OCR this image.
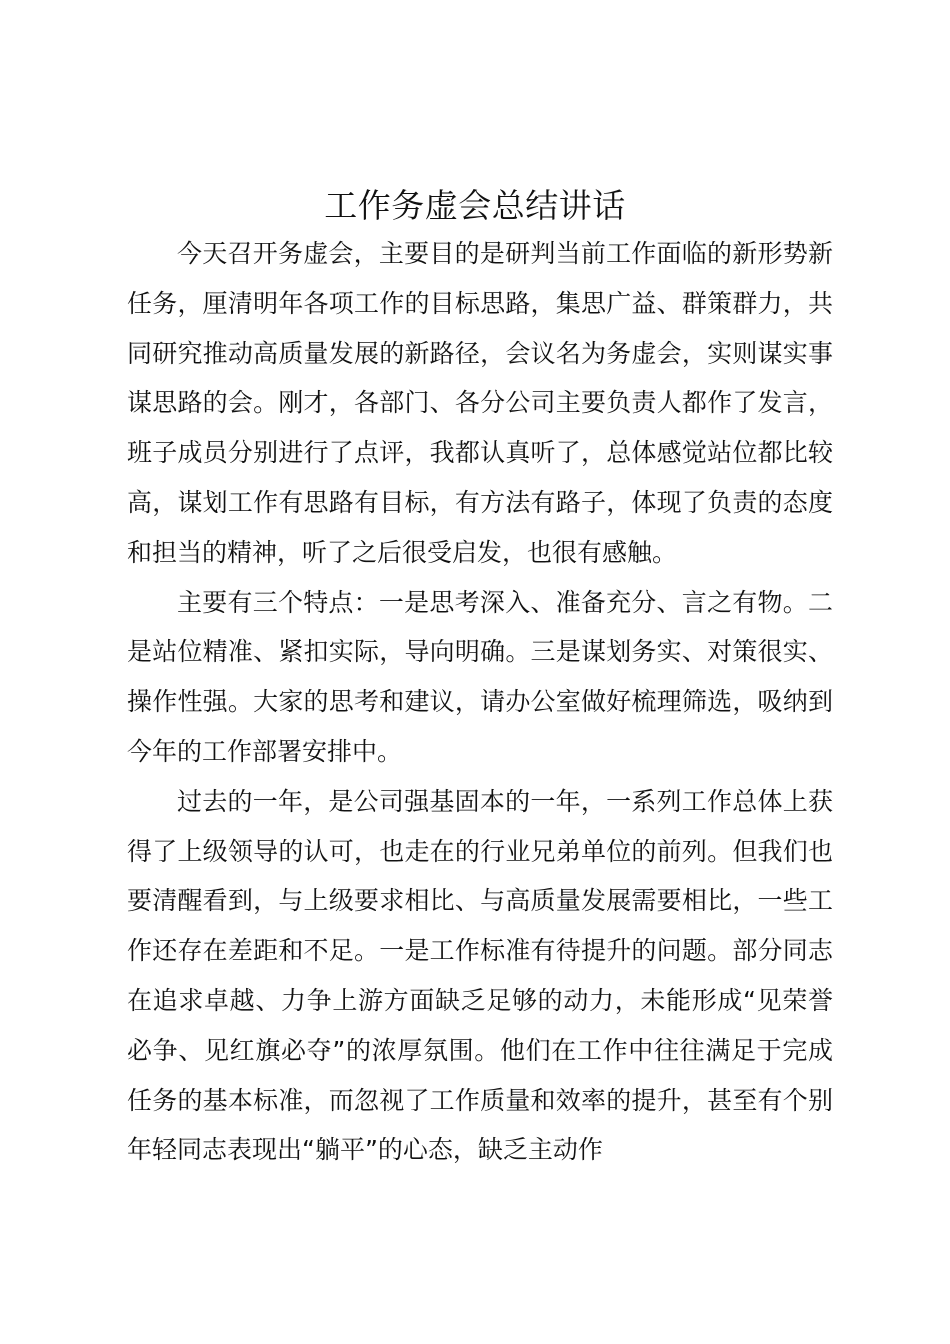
工作务虚会总结讲话

今天召开务虚会，主要目的是研判当前工作面临的新形势新任务，厘清明年各项工作的目标思路，集思广益、群策群力，共同研究推动高质量发展的新路径，会议名为务虚会，实则谋实事谋思路的会。刚才，各部门、各分公司主要负责人都作了发言，班子成员分别进行了点评，我都认真听了，总体感觉站位都比较高，谋划工作有思路有目标，有方法有路子，体现了负责的态度和担当的精神，听了之后很受启发，也很有感触。

主要有三个特点：一是思考深入、准备充分、言之有物。二是站位精准、紧扣实际，导向明确。三是谋划务实、对策很实、操作性强。大家的思考和建议，请办公室做好梳理筛选，吸纳到今年的工作部署安排中。

过去的一年，是公司强基固本的一年，一系列工作总体上获得了上级领导的认可，也走在的行业兄弟单位的前列。但我们也要清醒看到，与上级要求相比、与高质量发展需要相比，一些工作还存在差距和不足。一是工作标准有待提升的问题。部分同志在追求卓越、力争上游方面缺乏足够的动力，未能形成“见荣誉必争、见红旗必夺”的浓厚氛围。他们在工作中往往满足于完成任务的基本标准，而忽视了工作质量和效率的提升，甚至有个别年轻同志表现出“躺平”的心态，缺乏主动作
